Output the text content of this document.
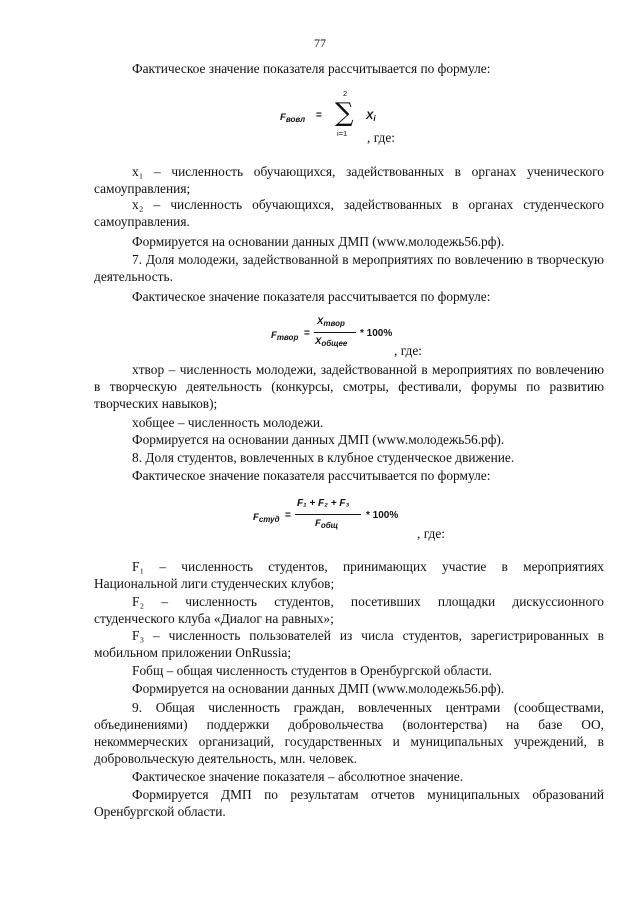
77
Фактическое значение показателя рассчитывается по формуле:
$F_{вовл}$ =
2
∑
i=1
$X_i$
, где:
x₁ – численность обучающихся, задействованных в органах ученического самоуправления;
x₂ – численность обучающихся, задействованных в органах студенческого самоуправления.
Формируется на основании данных ДМП (www.молодежь56.рф).
7. Доля молодежи, задействованной в мероприятиях по вовлечению в творческую деятельность.
Фактическое значение показателя рассчитывается по формуле:
$F_{твор}$ =
$X_{твор}$
$X_{общее}$
* 100%
, где:
xтвор – численность молодежи, задействованной в мероприятиях по вовлечению в творческую деятельность (конкурсы, смотры, фестивали, форумы по развитию творческих навыков);
xобщее – численность молодежи.
Формируется на основании данных ДМП (www.молодежь56.рф).
8. Доля студентов, вовлеченных в клубное студенческое движение.
Фактическое значение показателя рассчитывается по формуле:
$F_{студ}$ =
F₁ + F₂ + F₃
$F_{общ}$
* 100%
, где:
F₁ – численность студентов, принимающих участие в мероприятиях Национальной лиги студенческих клубов;
F₂ – численность студентов, посетивших площадки дискуссионного студенческого клуба «Диалог на равных»;
F₃ – численность пользователей из числа студентов, зарегистрированных в мобильном приложении OnRussia;
Fобщ – общая численность студентов в Оренбургской области.
Формируется на основании данных ДМП (www.молодежь56.рф).
9. Общая численность граждан, вовлеченных центрами (сообществами, объединениями) поддержки добровольчества (волонтерства) на базе ОО, некоммерческих организаций, государственных и муниципальных учреждений, в добровольческую деятельность, млн. человек.
Фактическое значение показателя – абсолютное значение.
Формируется ДМП по результатам отчетов муниципальных образований Оренбургской области.
